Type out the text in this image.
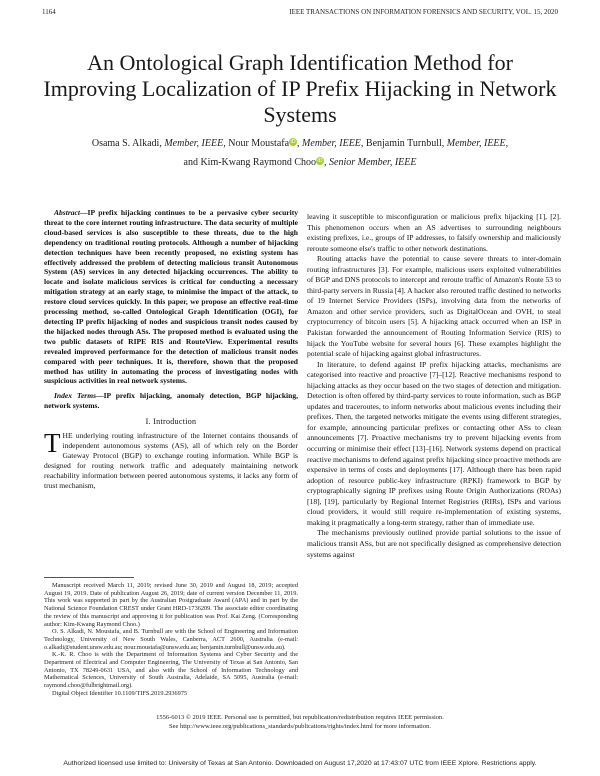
1164	IEEE TRANSACTIONS ON INFORMATION FORENSICS AND SECURITY, VOL. 15, 2020
An Ontological Graph Identification Method for Improving Localization of IP Prefix Hijacking in Network Systems
Osama S. Alkadi, Member, IEEE, Nour MoustafaiD, Member, IEEE, Benjamin Turnbull, Member, IEEE,
and Kim-Kwang Raymond ChooiD, Senior Member, IEEE
Abstract—IP prefix hijacking continues to be a pervasive cyber security threat to the core internet routing infrastructure. The data security of multiple cloud-based services is also susceptible to these threats, due to the high dependency on traditional routing protocols. Although a number of hijacking detection techniques have been recently proposed, no existing system has effectively addressed the problem of detecting malicious transit Autonomous System (AS) services in any detected hijacking occurrences. The ability to locate and isolate malicious services is critical for conducting a necessary mitigation strategy at an early stage, to minimise the impact of the attack, to restore cloud services quickly. In this paper, we propose an effective real-time processing method, so-called Ontological Graph Identification (OGI), for detecting IP prefix hijacking of nodes and suspicious transit nodes caused by the hijacked nodes through ASs. The proposed method is evaluated using the two public datasets of RIPE RIS and RouteView. Experimental results revealed improved performance for the detection of malicious transit nodes compared with peer techniques. It is, therefore, shown that the proposed method has utility in automating the process of investigating nodes with suspicious activities in real network systems.
Index Terms—IP prefix hijacking, anomaly detection, BGP hijacking, network systems.
I. Introduction

THE underlying routing infrastructure of the Internet contains thousands of independent autonomous systems (AS), all of which rely on the Border Gateway Protocol (BGP) to exchange routing information. While BGP is designed for routing network traffic and adequately maintaining network reachability information between peered autonomous systems, it lacks any form of trust mechanism,

Manuscript received March 11, 2019; revised June 30, 2019 and August 18, 2019; accepted August 19, 2019. Date of publication August 26, 2019; date of current version December 11, 2019. This work was supported in part by the Australian Postgraduate Award (APA) and in part by the National Science Foundation CREST under Grant HRD-1736209. The associate editor coordinating the review of this manuscript and approving it for publication was Prof. Kai Zeng. (Corresponding author: Kim-Kwang Raymond Choo.)

O. S. Alkadi, N. Moustafa, and B. Turnbull are with the School of Engineering and Information Technology, University of New South Wales, Canberra, ACT 2600, Australia (e-mail: o.alkadi@student.unsw.edu.au; nour.moustafa@unsw.edu.au; benjamin.turnbull@unsw.edu.au).

K.-K. R. Choo is with the Department of Information Systems and Cyber Security and the Department of Electrical and Computer Engineering, The University of Texas at San Antonio, San Antonio, TX 78249-0631 USA, and also with the School of Information Technology and Mathematical Sciences, University of South Australia, Adelaide, SA 5095, Australia (e-mail: raymond.choo@fulbrightmail.org).

Digital Object Identifier 10.1109/TIFS.2019.2936975

leaving it susceptible to misconfiguration or malicious prefix hijacking [1], [2]. This phenomenon occurs when an AS advertises to surrounding neighbours existing prefixes, i.e., groups of IP addresses, to falsify ownership and maliciously reroute someone else's traffic to other network destinations.

Routing attacks have the potential to cause severe threats to inter-domain routing infrastructures [3]. For example, malicious users exploited vulnerabilities of BGP and DNS protocols to intercept and reroute traffic of Amazon's Route 53 to third-party servers in Russia [4]. A hacker also rerouted traffic destined to networks of 19 Internet Service Providers (ISPs), involving data from the networks of Amazon and other service providers, such as DigitalOcean and OVH, to steal cryptocurrency of bitcoin users [5]. A hijacking attack occurred when an ISP in Pakistan forwarded the announcement of Routing Information Service (RIS) to hijack the YouTube website for several hours [6]. These examples highlight the potential scale of hijacking against global infrastructures.

In literature, to defend against IP prefix hijacking attacks, mechanisms are categorised into reactive and proactive [7]–[12]. Reactive mechanisms respond to hijacking attacks as they occur based on the two stages of detection and mitigation. Detection is often offered by third-party services to route information, such as BGP updates and traceroutes, to inform networks about malicious events including their prefixes. Then, the targeted networks mitigate the events using different strategies, for example, announcing particular prefixes or contacting other ASs to clean announcements [7]. Proactive mechanisms try to prevent hijacking events from occurring or minimise their effect [13]–[16]. Network systems depend on practical reactive mechanisms to defend against prefix hijacking since proactive methods are expensive in terms of costs and deployments [17]. Although there has been rapid adoption of resource public-key infrastructure (RPKI) framework to BGP by cryptographically signing IP prefixes using Route Origin Authorizations (ROAs) [18], [19], particularly by Regional Internet Registries (RIRs), ISPs and various cloud providers, it would still require re-implementation of existing systems, making it pragmatically a long-term strategy, rather than of immediate use.

The mechanisms previously outlined provide partial solutions to the issue of malicious transit ASs, but are not specifically designed as comprehensive detection systems against

1556-6013 © 2019 IEEE. Personal use is permitted, but republication/redistribution requires IEEE permission.
See http://www.ieee.org/publications_standards/publications/rights/index.html for more information.
Authorized licensed use limited to: University of Texas at San Antonio. Downloaded on August 17,2020 at 17:43:07 UTC from IEEE Xplore. Restrictions apply.
